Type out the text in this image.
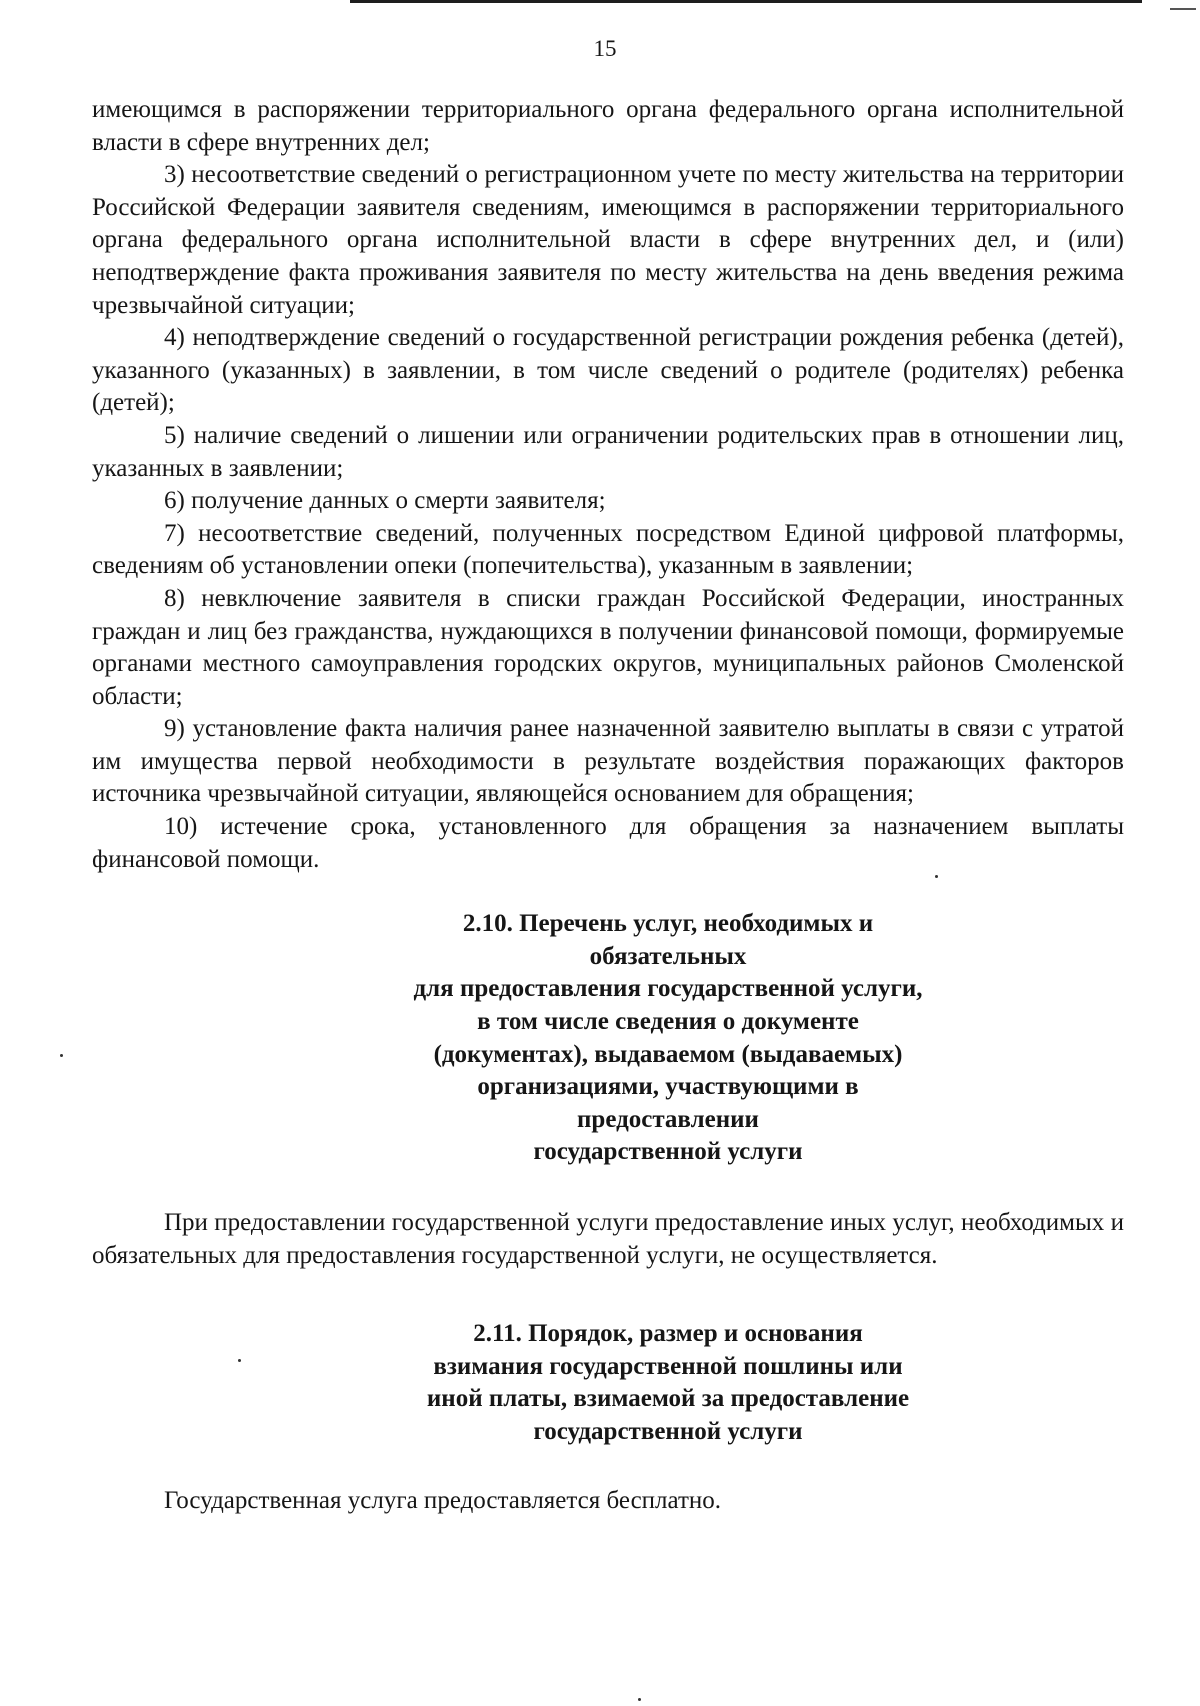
15

имеющимся в распоряжении территориального органа федерального органа исполнительной власти в сфере внутренних дел;

3) несоответствие сведений о регистрационном учете по месту жительства на территории Российской Федерации заявителя сведениям, имеющимся в распоряжении территориального органа федерального органа исполнительной власти в сфере внутренних дел, и (или) неподтверждение факта проживания заявителя по месту жительства на день введения режима чрезвычайной ситуации;

4) неподтверждение сведений о государственной регистрации рождения ребенка (детей), указанного (указанных) в заявлении, в том числе сведений о родителе (родителях) ребенка (детей);

5) наличие сведений о лишении или ограничении родительских прав в отношении лиц, указанных в заявлении;

6) получение данных о смерти заявителя;

7) несоответствие сведений, полученных посредством Единой цифровой платформы, сведениям об установлении опеки (попечительства), указанным в заявлении;

8) невключение заявителя в списки граждан Российской Федерации, иностранных граждан и лиц без гражданства, нуждающихся в получении финансовой помощи, формируемые органами местного самоуправления городских округов, муниципальных районов Смоленской области;

9) установление факта наличия ранее назначенной заявителю выплаты в связи с утратой им имущества первой необходимости в результате воздействия поражающих факторов источника чрезвычайной ситуации, являющейся основанием для обращения;

10) истечение срока, установленного для обращения за назначением выплаты финансовой помощи.

2.10. Перечень услуг, необходимых и
обязательных
для предоставления государственной услуги,
в том числе сведения о документе
(документах), выдаваемом (выдаваемых)
организациями, участвующими в
предоставлении
государственной услуги

При предоставлении государственной услуги предоставление иных услуг, необходимых и обязательных для предоставления государственной услуги, не осуществляется.

2.11. Порядок, размер и основания
взимания государственной пошлины или
иной платы, взимаемой за предоставление
государственной услуги

Государственная услуга предоставляется бесплатно.
